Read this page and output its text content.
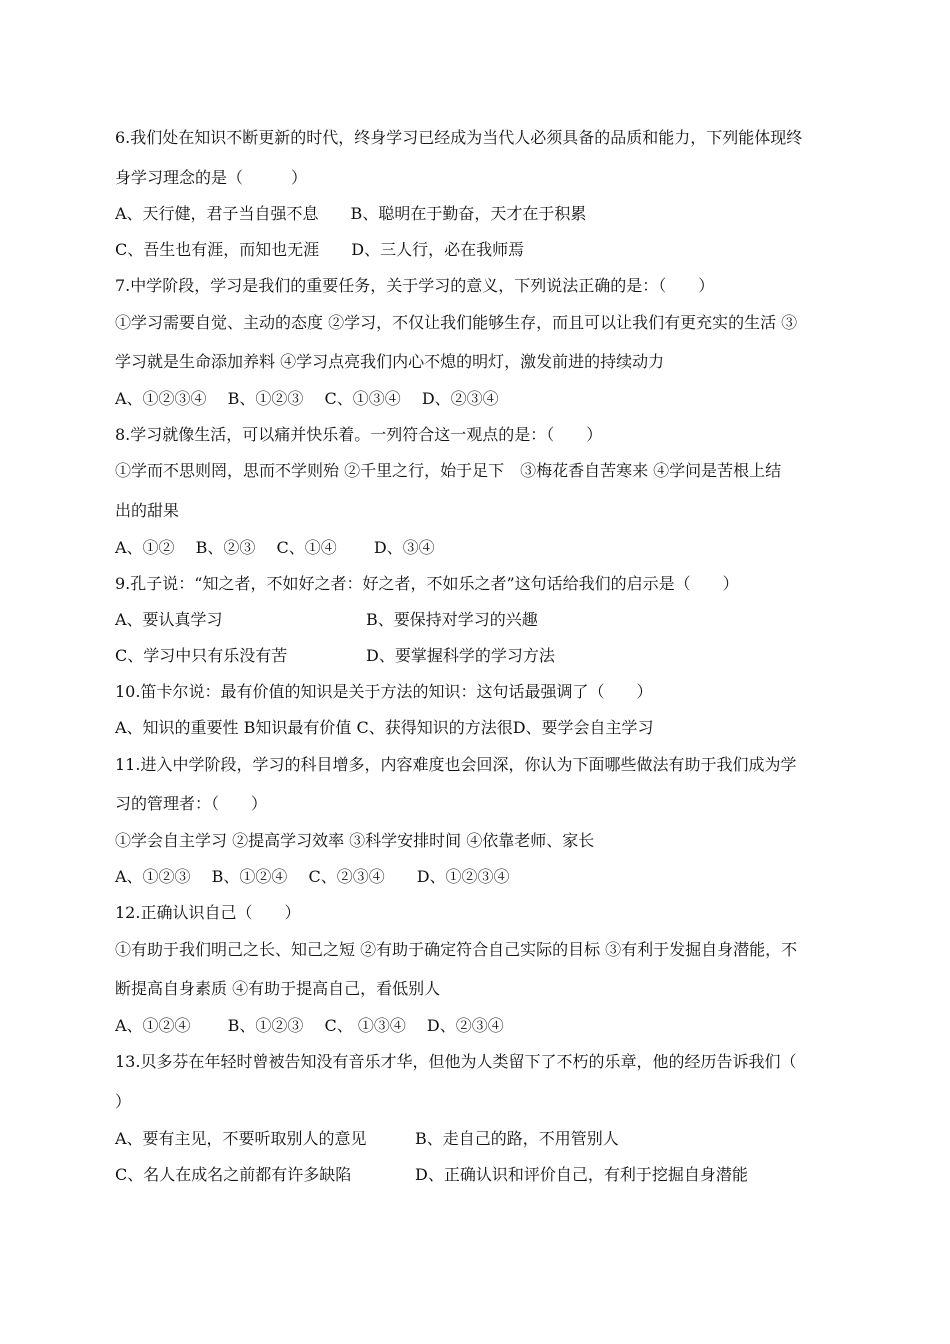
6.我们处在知识不断更新的时代，终身学习已经成为当代人必须具备的品质和能力，下列能体现终
身学习理念的是（　　　）
A、天行健，君子当自强不息　　B、聪明在于勤奋，天才在于积累
C、吾生也有涯，而知也无涯　　D、三人行，必在我师焉
7.中学阶段，学习是我们的重要任务，关于学习的意义，下列说法正确的是：（　　）
①学习需要自觉、主动的态度 ②学习，不仅让我们能够生存，而且可以让我们有更充实的生活 ③
学习就是生命添加养料 ④学习点亮我们内心不熄的明灯，激发前进的持续动力
A、①②③④　 B、①②③　 C、①③④　 D、②③④
8.学习就像生活，可以痛并快乐着。一列符合这一观点的是：（　　）
①学而不思则罔，思而不学则殆 ②千里之行，始于足下　③梅花香自苦寒来 ④学问是苦根上结
出的甜果
A、①②　 B、②③　 C、①④　　 D、③④
9.孔子说：“知之者，不如好之者：好之者，不如乐之者”这句话给我们的启示是（　　）
A、要认真学习	B、要保持对学习的兴趣
C、学习中只有乐没有苦	D、要掌握科学的学习方法
10.笛卡尔说：最有价值的知识是关于方法的知识：这句话最强调了（　　）
A、知识的重要性 B知识最有价值 C、获得知识的方法很D、要学会自主学习
11.进入中学阶段，学习的科目增多，内容难度也会回深，你认为下面哪些做法有助于我们成为学
习的管理者：（　　）
①学会自主学习 ②提高学习效率 ③科学安排时间 ④依靠老师、家长
A、①②③　 B、①②④　 C、②③④　　D、①②③④
12.正确认识自己（　　）
①有助于我们明己之长、知己之短 ②有助于确定符合自己实际的目标 ③有利于发掘自身潜能，不
断提高自身素质 ④有助于提高自己，看低别人
A、①②④　　 B、①②③　 C、 ①③④　 D、②③④
13.贝多芬在年轻时曾被告知没有音乐才华，但他为人类留下了不朽的乐章，他的经历告诉我们（
）
A、要有主见，不要听取别人的意见	B、走自己的路，不用管别人
C、名人在成名之前都有许多缺陷	D、正确认识和评价自己，有利于挖掘自身潜能
